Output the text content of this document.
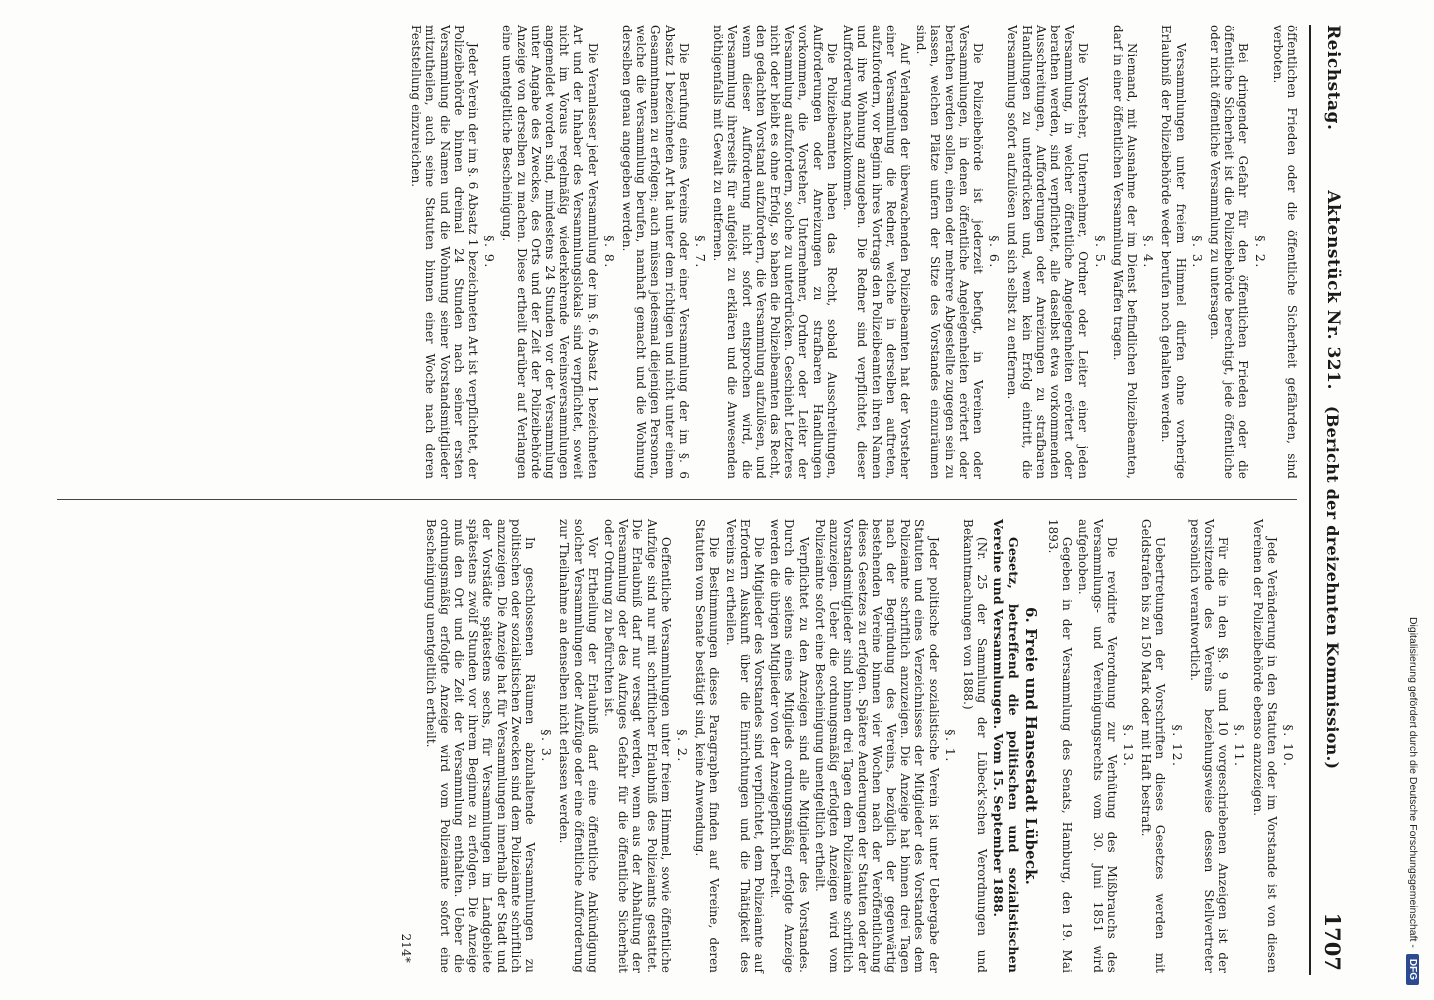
Reichstag.
Aktenstück Nr. 321.
(Bericht der dreizehnten Kommission.)
1707

öffentlichen Frieden oder die öffentliche Sicherheit gefährden, sind verboten.

§. 2.

Bei dringender Gefahr für den öffentlichen Frieden oder die öffentliche Sicherheit ist die Polizeibehörde berechtigt, jede öffentliche oder nicht öffentliche Versammlung zu untersagen.

§. 3.

Versammlungen unter freiem Himmel dürfen ohne vorherige Erlaubniß der Polizeibehörde weder berufen noch gehalten werden.

§. 4.

Niemand, mit Ausnahme der im Dienst befindlichen Polizeibeamten, darf in einer öffentlichen Versammlung Waffen tragen.

§. 5.

Die Vorsteher, Unternehmer, Ordner oder Leiter einer jeden Versammlung, in welcher öffentliche Angelegenheiten erörtert oder berathen werden, sind verpflichtet, alle daselbst etwa vorkommenden Ausschreitungen, Aufforderungen oder Anreizungen zu strafbaren Handlungen zu unterdrücken und, wenn kein Erfolg eintritt, die Versammlung sofort aufzulösen und sich selbst zu entfernen.

§. 6.

Die Polizeibehörde ist jederzeit befugt, in Vereinen oder Versammlungen, in denen öffentliche Angelegenheiten erörtert oder berathen werden sollen, einen oder mehrere Abgestellte zugegen sein zu lassen, welchen Plätze unfern der Sitze des Vorstandes einzuräumen sind.

Auf Verlangen der überwachenden Polizeibeamten hat der Vorsteher einer Versammlung die Redner, welche in derselben auftreten, aufzufordern, vor Beginn ihres Vortrags den Polizeibeamten ihren Namen und ihre Wohnung anzugeben. Die Redner sind verpflichtet, dieser Aufforderung nachzukommen.

Die Polizeibeamten haben das Recht, sobald Ausschreitungen, Aufforderungen oder Anreizungen zu strafbaren Handlungen vorkommen, die Vorsteher, Unternehmer, Ordner oder Leiter der Versammlung aufzufordern, solche zu unterdrücken. Geschieht Letzteres nicht oder bleibt es ohne Erfolg, so haben die Polizeibeamten das Recht, den gedachten Vorstand aufzufordern, die Versammlung aufzulösen, und wenn dieser Aufforderung nicht sofort entsprochen wird, die Versammlung ihrerseits für aufgelöst zu erklären und die Anwesenden nöthigenfalls mit Gewalt zu entfernen.

§. 7.

Die Berufung eines Vereins oder einer Versammlung der im §. 6 Absatz 1 bezeichneten Art hat unter dem richtigen und nicht unter einem Gesammtnamen zu erfolgen; auch müssen jedesmal diejenigen Personen, welche die Versammlung berufen, namhaft gemacht und die Wohnung derselben genau angegeben werden.

§. 8.

Die Veranlasser jeder Versammlung der im §. 6 Absatz 1 bezeichneten Art und der Inhaber des Versammlungslokals sind verpflichtet, soweit nicht im Voraus regelmäßig wiederkehrende Vereinsversammlungen angemeldet worden sind, mindestens 24 Stunden vor der Versammlung unter Angabe des Zweckes, des Orts und der Zeit der Polizeibehörde Anzeige von derselben zu machen. Diese ertheilt darüber auf Verlangen eine unentgeltliche Bescheinigung.

§. 9.

Jeder Verein der im §. 6 Absatz 1 bezeichneten Art ist verpflichtet, der Polizeibehörde binnen dreimal 24 Stunden nach seiner ersten Versammlung die Namen und die Wohnung seiner Vorstandsmitglieder mitzutheilen, auch seine Statuten binnen einer Woche nach deren Feststellung einzureichen.

§. 10.

Jede Veränderung in den Statuten oder im Vorstande ist von diesen Vereinen der Polizeibehörde ebenso anzuzeigen.

§. 11.

Für die in den §§. 9 und 10 vorgeschriebenen Anzeigen ist der Vorsitzende des Vereins beziehungsweise dessen Stellvertreter persönlich verantwortlich.

§. 12.

Uebertretungen der Vorschriften dieses Gesetzes werden mit Geldstrafen bis zu 150 Mark oder mit Haft bestraft.

§. 13.

Die revidirte Verordnung zur Verhütung des Mißbrauchs des Versammlungs- und Vereinigungsrechts vom 30. Juni 1851 wird aufgehoben.

Gegeben in der Versammlung des Senats, Hamburg, den 19. Mai 1893.

6. Freie und Hansestadt Lübeck.
Gesetz, betreffend die politischen und sozialistischen Vereine und Versammlungen. Vom 15. September 1888.
(Nr. 25 der Sammlung der Lübeck'schen Verordnungen und Bekanntmachungen von 1888.)
§. 1.

Jeder politische oder sozialistische Verein ist unter Uebergabe der Statuten und eines Verzeichnisses der Mitglieder des Vorstandes dem Polizeiamte schriftlich anzuzeigen. Die Anzeige hat binnen drei Tagen nach der Begründung des Vereins, bezüglich der gegenwärtig bestehenden Vereine binnen vier Wochen nach der Veröffentlichung dieses Gesetzes zu erfolgen. Spätere Aenderungen der Statuten oder der Vorstandsmitglieder sind binnen drei Tagen dem Polizeiamte schriftlich anzuzeigen. Ueber die ordnungsmäßig erfolgten Anzeigen wird vom Polizeiamte sofort eine Bescheinigung unentgeltlich ertheilt.

Verpflichtet zu den Anzeigen sind alle Mitglieder des Vorstandes. Durch die seitens eines Mitglieds ordnungsmäßig erfolgte Anzeige werden die übrigen Mitglieder von der Anzeigepflicht befreit.

Die Mitglieder des Vorstandes sind verpflichtet, dem Polizeiamte auf Erfordern Auskunft über die Einrichtungen und die Thätigkeit des Vereins zu ertheilen.

Die Bestimmungen dieses Paragraphen finden auf Vereine, deren Statuten vom Senate bestätigt sind, keine Anwendung.

§. 2.

Oeffentliche Versammlungen unter freiem Himmel, sowie öffentliche Aufzüge sind nur mit schriftlicher Erlaubniß des Polizeiamts gestattet. Die Erlaubniß darf nur versagt werden, wenn aus der Abhaltung der Versammlung oder des Aufzuges Gefahr für die öffentliche Sicherheit oder Ordnung zu befürchten ist.

Vor Ertheilung der Erlaubniß darf eine öffentliche Ankündigung solcher Versammlungen oder Aufzüge oder eine öffentliche Aufforderung zur Theilnahme an denselben nicht erlassen werden.

§. 3.

In geschlossenen Räumen abzuhaltende Versammlungen zu politischen oder sozialistischen Zwecken sind dem Polizeiamte schriftlich anzuzeigen. Die Anzeige hat für Versammlungen innerhalb der Stadt und der Vorstädte spätestens sechs, für Versammlungen im Landgebiete spätestens zwölf Stunden vor ihrem Beginne zu erfolgen. Die Anzeige muß den Ort und die Zeit der Versammlung enthalten. Ueber die ordnungsmäßig erfolgte Anzeige wird vom Polizeiamte sofort eine Bescheinigung unentgeltlich ertheilt.

214*
Digitalisierung gefördert durch die Deutsche Forschungsgemeinschaft -
DFG
